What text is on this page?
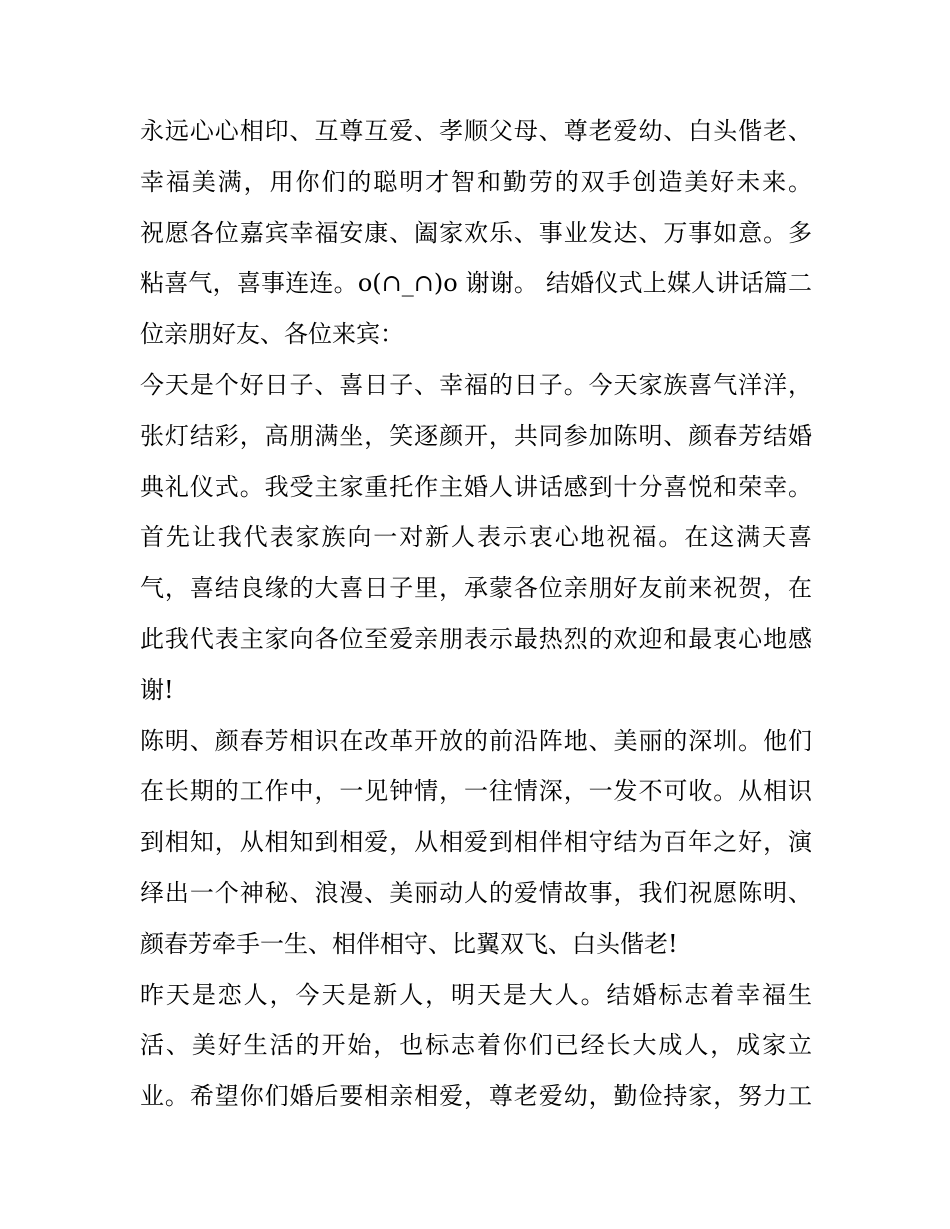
永远心心相印、互尊互爱、孝顺父母、尊老爱幼、白头偕老、
幸福美满，用你们的聪明才智和勤劳的双手创造美好未来。
祝愿各位嘉宾幸福安康、阖家欢乐、事业发达、万事如意。多
粘喜气，喜事连连。o(∩_∩)o 谢谢。 结婚仪式上媒人讲话篇二
位亲朋好友、各位来宾：
今天是个好日子、喜日子、幸福的日子。今天家族喜气洋洋，
张灯结彩，高朋满坐，笑逐颜开，共同参加陈明、颜春芳结婚
典礼仪式。我受主家重托作主婚人讲话感到十分喜悦和荣幸。
首先让我代表家族向一对新人表示衷心地祝福。在这满天喜
气，喜结良缘的大喜日子里，承蒙各位亲朋好友前来祝贺，在
此我代表主家向各位至爱亲朋表示最热烈的欢迎和最衷心地感
谢!
陈明、颜春芳相识在改革开放的前沿阵地、美丽的深圳。他们
在长期的工作中，一见钟情，一往情深，一发不可收。从相识
到相知，从相知到相爱，从相爱到相伴相守结为百年之好，演
绎出一个神秘、浪漫、美丽动人的爱情故事，我们祝愿陈明、
颜春芳牵手一生、相伴相守、比翼双飞、白头偕老!
昨天是恋人，今天是新人，明天是大人。结婚标志着幸福生
活、美好生活的开始，也标志着你们已经长大成人，成家立
业。希望你们婚后要相亲相爱，尊老爱幼，勤俭持家，努力工
